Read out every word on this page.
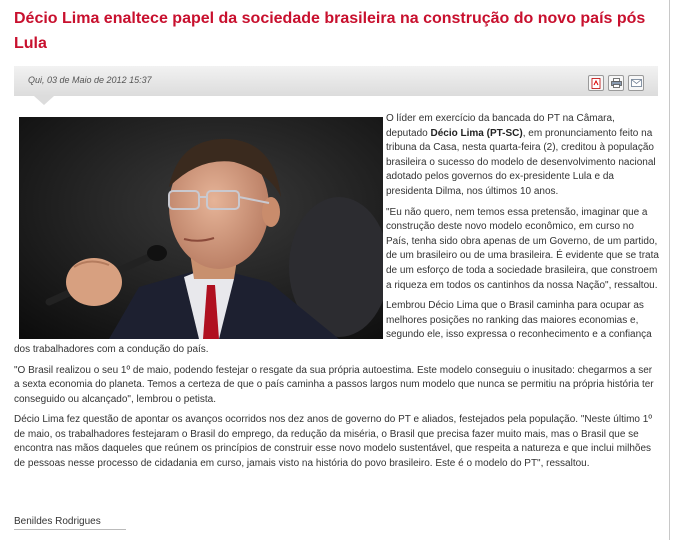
Décio Lima enaltece papel da sociedade brasileira na construção do novo país pós Lula
Qui, 03 de Maio de 2012 15:37

O líder em exercício da bancada do PT na Câmara, deputado Décio Lima (PT-SC), em pronunciamento feito na tribuna da Casa, nesta quarta-feira (2), creditou à população brasileira o sucesso do modelo de desenvolvimento nacional adotado pelos governos do ex-presidente Lula e da presidenta Dilma, nos últimos 10 anos.

"Eu não quero, nem temos essa pretensão, imaginar que a construção deste novo modelo econômico, em curso no País, tenha sido obra apenas de um Governo, de um partido, de um brasileiro ou de uma brasileira. É evidente que se trata de um esforço de toda a sociedade brasileira, que constroem a riqueza em todos os cantinhos da nossa Nação", ressaltou.

Lembrou Décio Lima que o Brasil caminha para ocupar as melhores posições no ranking das maiores economias e, segundo ele, isso expressa o reconhecimento e a confiança dos trabalhadores com a condução do país.

"O Brasil realizou o seu 1º de maio, podendo festejar o resgate da sua própria autoestima. Este modelo conseguiu o inusitado: chegarmos a ser a sexta economia do planeta. Temos a certeza de que o país caminha a passos largos num modelo que nunca se permitiu na própria história ter conseguido ou alcançado", lembrou o petista.

Décio Lima fez questão de apontar os avanços ocorridos nos dez anos de governo do PT e aliados, festejados pela população. "Neste último 1º de maio, os trabalhadores festejaram o Brasil do emprego, da redução da miséria, o Brasil que precisa fazer muito mais, mas o Brasil que se encontra nas mãos daqueles que reúnem os princípios de construir esse novo modelo sustentável, que respeita a natureza e que inclui milhões de pessoas nesse processo de cidadania em curso, jamais visto na história do povo brasileiro. Este é o modelo do PT", ressaltou.

Benildes Rodrigues
